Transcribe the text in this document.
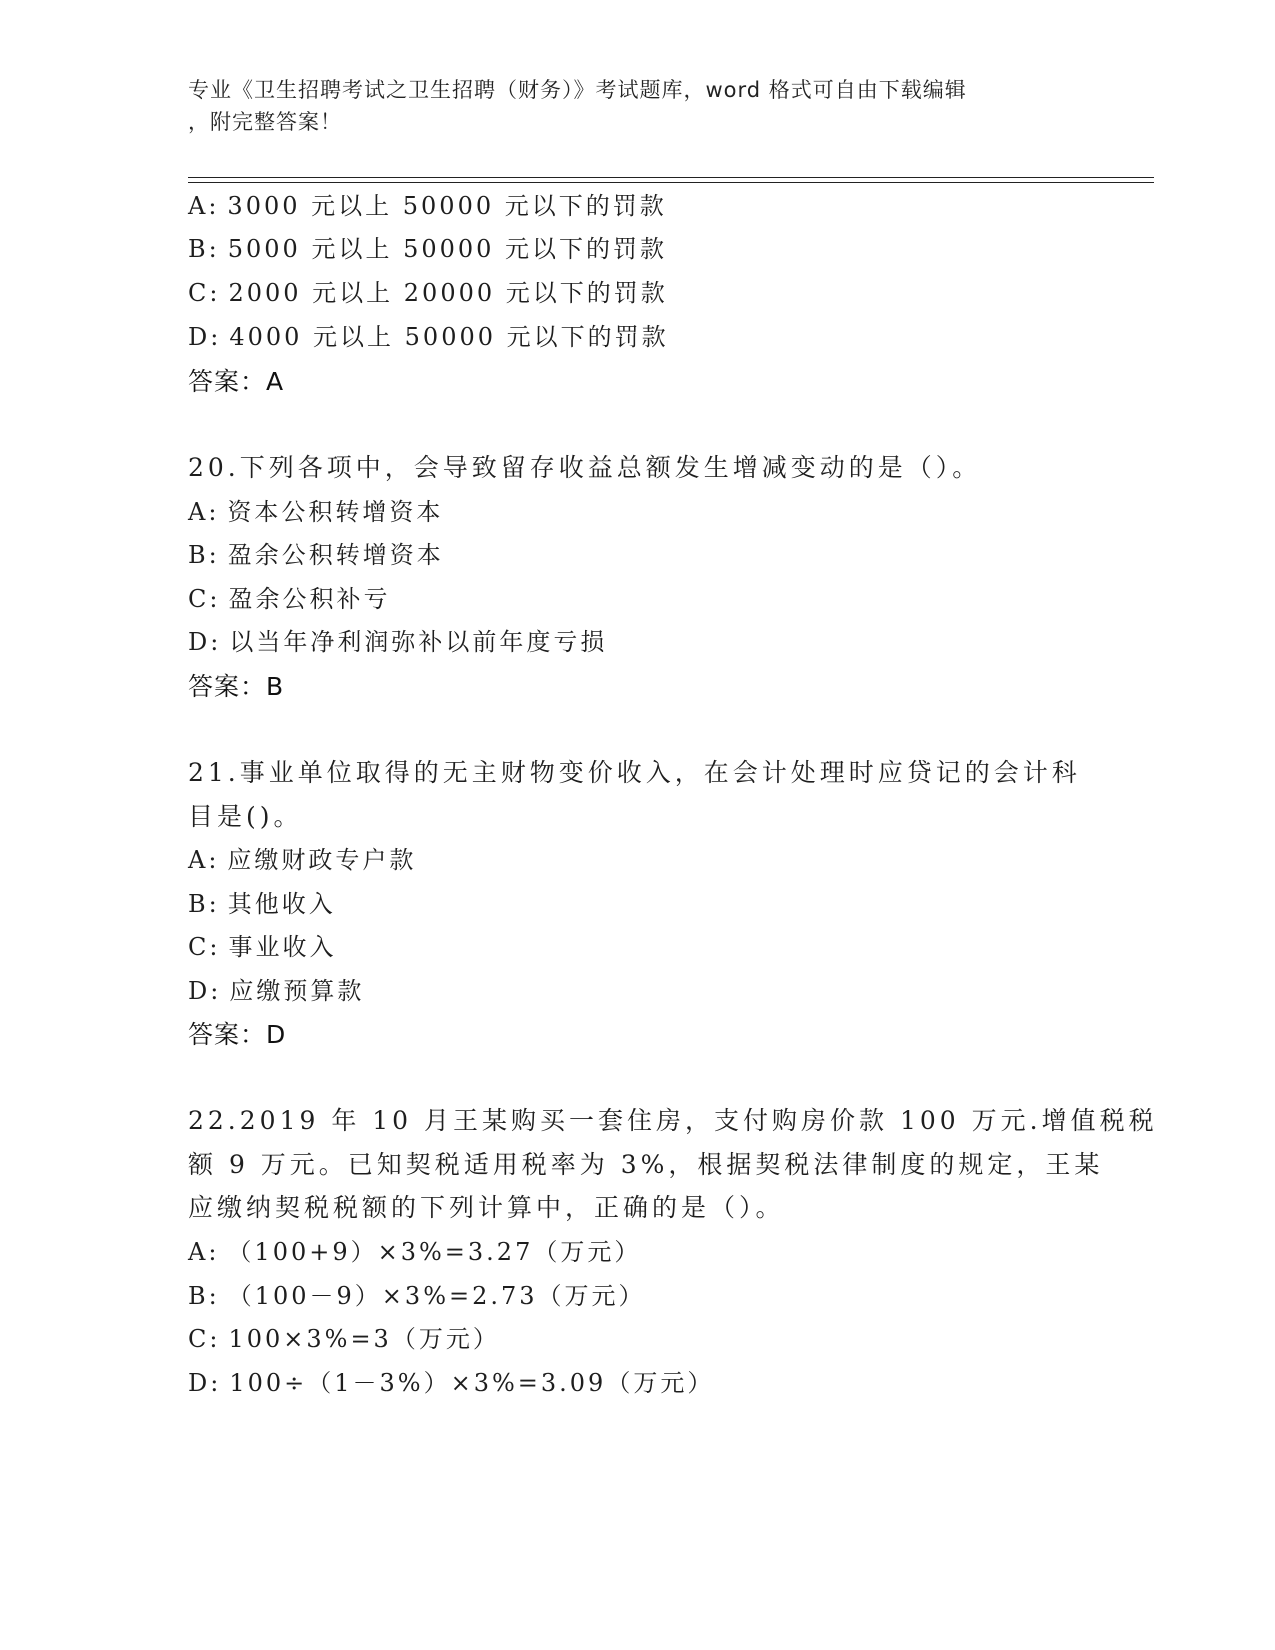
专业《卫生招聘考试之卫生招聘（财务）》考试题库，word 格式可自由下载编辑
，附完整答案！
A: 3000 元以上 50000 元以下的罚款
B: 5000 元以上 50000 元以下的罚款
C: 2000 元以上 20000 元以下的罚款
D: 4000 元以上 50000 元以下的罚款
答案：A
20.下列各项中，会导致留存收益总额发生增减变动的是（）。
A: 资本公积转增资本
B: 盈余公积转增资本
C: 盈余公积补亏
D: 以当年净利润弥补以前年度亏损
答案：B
21.事业单位取得的无主财物变价收入，在会计处理时应贷记的会计科
目是()。
A: 应缴财政专户款
B: 其他收入
C: 事业收入
D: 应缴预算款
答案：D
22.2019 年 10 月王某购买一套住房，支付购房价款 100 万元.增值税税
额 9 万元。已知契税适用税率为 3%，根据契税法律制度的规定，王某
应缴纳契税税额的下列计算中，正确的是（）。
A: （100+9）×3%=3.27（万元）
B: （100－9）×3%=2.73（万元）
C: 100×3%=3（万元）
D: 100÷（1－3%）×3%=3.09（万元）
